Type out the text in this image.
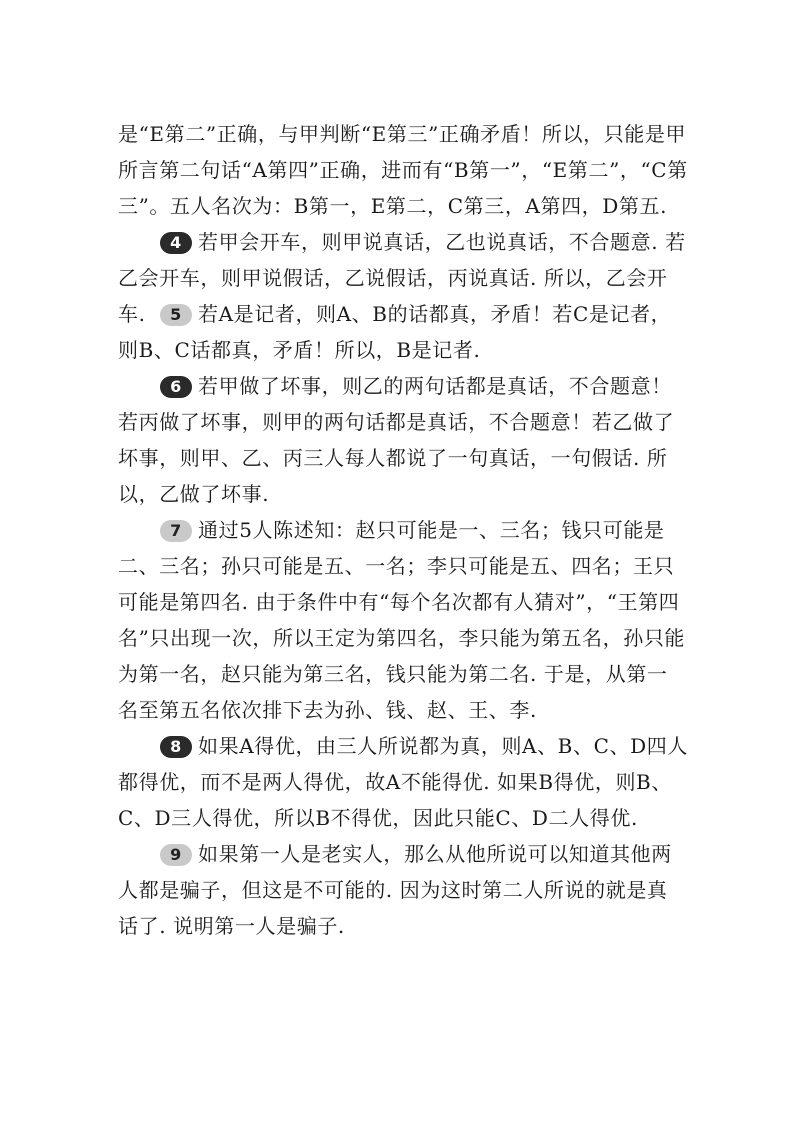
是“E第二”正确，与甲判断“E第三”正确矛盾！所以，只能是甲所言第二句话“A第四”正确，进而有“B第一”，“E第二”，“C第三”。五人名次为：B第一，E第二，C第三，A第四，D第五.

4 若甲会开车，则甲说真话，乙也说真话，不合题意. 若乙会开车，则甲说假话，乙说假话，丙说真话. 所以，乙会开车.	5 若A是记者，则A、B的话都真，矛盾！若C是记者，则B、C话都真，矛盾！所以，B是记者.

6 若甲做了坏事，则乙的两句话都是真话，不合题意！若丙做了坏事，则甲的两句话都是真话，不合题意！若乙做了坏事，则甲、乙、丙三人每人都说了一句真话，一句假话. 所以，乙做了坏事.

7 通过5人陈述知：赵只可能是一、三名；钱只可能是二、三名；孙只可能是五、一名；李只可能是五、四名；王只可能是第四名. 由于条件中有“每个名次都有人猜对”，“王第四名”只出现一次，所以王定为第四名，李只能为第五名，孙只能为第一名，赵只能为第三名，钱只能为第二名. 于是，从第一名至第五名依次排下去为孙、钱、赵、王、李.

8 如果A得优，由三人所说都为真，则A、B、C、D四人都得优，而不是两人得优，故A不能得优. 如果B得优，则B、C、D三人得优，所以B不得优，因此只能C、D二人得优.

9 如果第一人是老实人，那么从他所说可以知道其他两人都是骗子，但这是不可能的. 因为这时第二人所说的就是真话了. 说明第一人是骗子.
